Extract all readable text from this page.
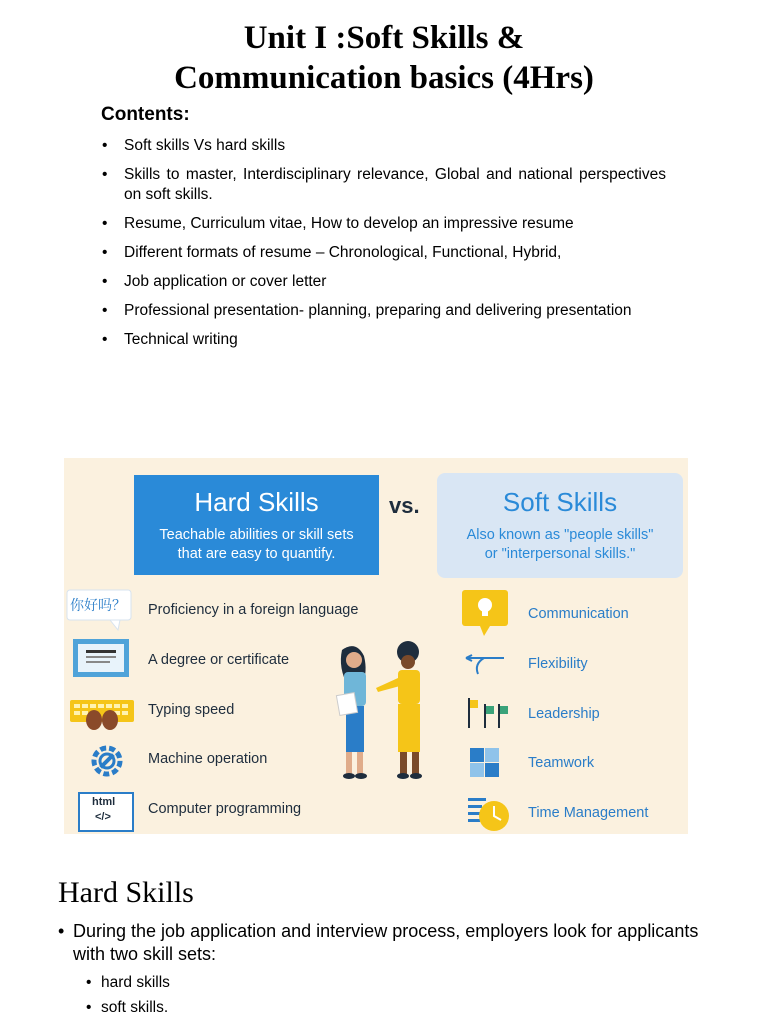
Unit I :Soft Skills &
Communication basics (4Hrs)
Contents:
• Soft skills Vs hard skills
• Skills to master, Interdisciplinary relevance, Global and national perspectives on soft skills.
• Resume, Curriculum vitae, How to develop an impressive resume
• Different formats of resume – Chronological, Functional, Hybrid,
• Job application or cover letter
• Professional presentation- planning, preparing and delivering presentation
• Technical writing
Hard Skills
Teachable abilities or skill sets
that are easy to quantify.
vs.	Soft Skills
Also known as "people skills"
or "interpersonal skills."
你好吗？
html
</>
Proficiency in a foreign language
A degree or certificate
Typing speed
Machine operation
Computer programming
Communication
Flexibility
Leadership
Teamwork
Time Management
Hard Skills
• During the job application and interview process, employers look for applicants with two skill sets:
• hard skills
• soft skills.
